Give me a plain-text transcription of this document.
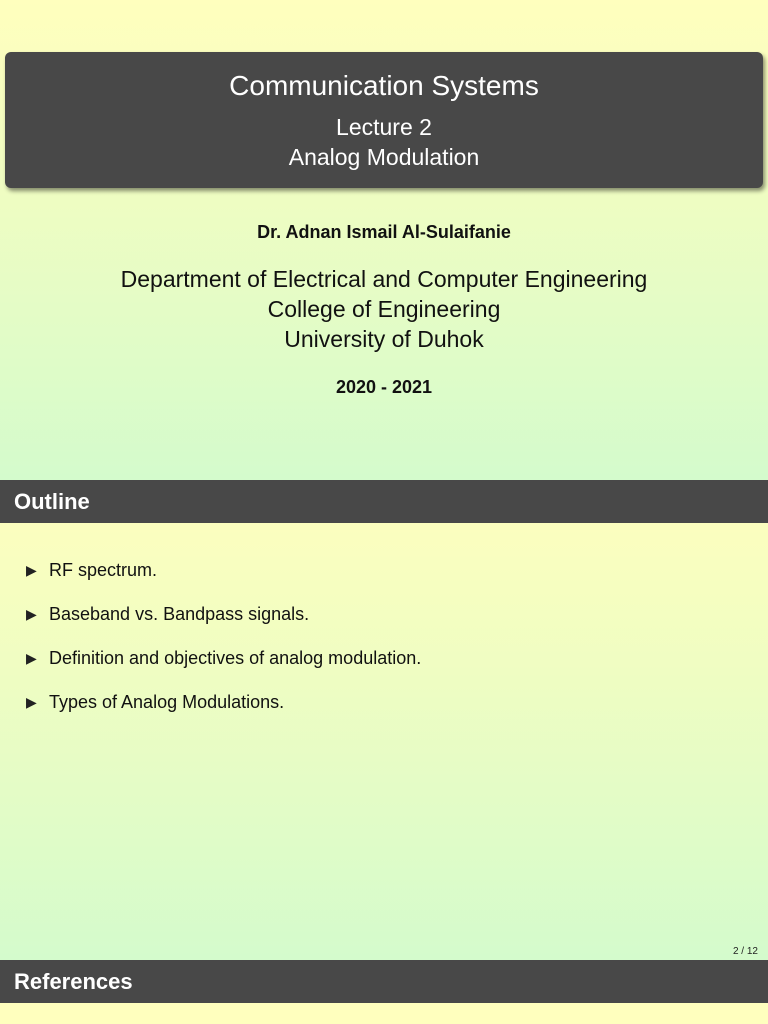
Communication Systems
Lecture 2
Analog Modulation
Dr. Adnan Ismail Al-Sulaifanie
Department of Electrical and Computer Engineering
College of Engineering
University of Duhok
2020 - 2021
Outline
▶ RF spectrum.
▶ Baseband vs. Bandpass signals.
▶ Definition and objectives of analog modulation.
▶ Types of Analog Modulations.
2 / 12
References
